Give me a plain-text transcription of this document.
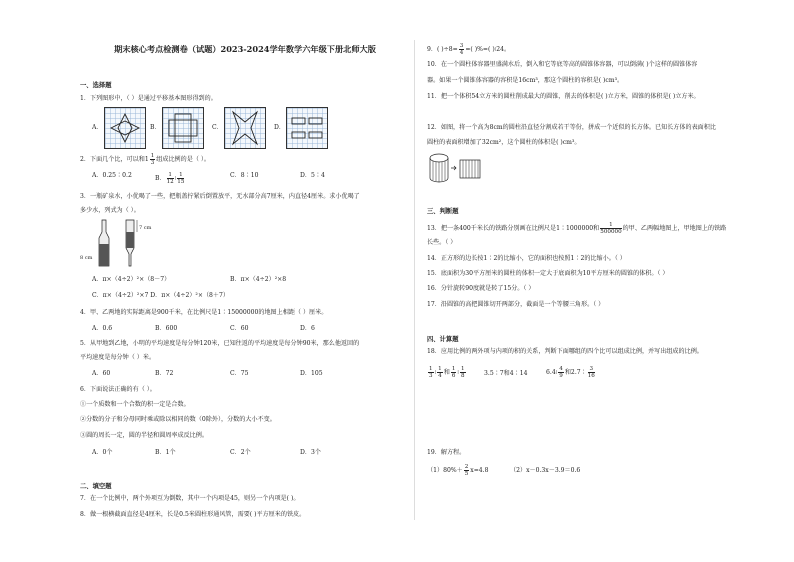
期末核心考点检测卷（试题）2023-2024学年数学六年级下册北师大版
一、选择题
1．下列图形中，（ ）是通过平移基本图形得到的。
A．	B．	C．	D．
2．下面几个比，可以和$1 \frac{1}{3}$ 组成比例的是（ ）。
A．0.25∶0.2	B． $\frac{1}{12}$ ∶ $\frac{1}{15}$	C．8∶10	D．5∶4
3．一瓶矿泉水，小优喝了一些，把瓶盖拧紧后倒置放平，无水部分高7厘米，内直径4厘米。求小优喝了
多少水，列式为（ ）。
7 cm
8 cm
A．π×（4÷2）²×（8－7）	B．π×（4÷2）²×8
C．π×（4÷2）²×7 D．π×（4÷2）²×（8＋7）
4．甲、乙两地的实际距离是900千米，在比例尺是1∶15000000的地图上相距（ ）厘米。
A．0.6	B．600	C．60	D．6
5．从甲地到乙地，小明的平均速度是每分钟120米，已知往返的平均速度是每分钟90米，那么他返回的
平均速度是每分钟（ ）米。
A．60	B．72	C．75	D．105
6．下面说法正确的有（ ）。
①一个质数和一个合数的积一定是合数。
②分数的分子和分母同时乘或除以相同的数（0除外），分数的大小不变。
③圆的周长一定，圆的半径和圆周率成反比例。
A．0个	B．1个	C．2个	D．3个
二、填空题
7．在一个比例中，两个外项互为倒数，其中一个内项是45，则另一个内项是( )。
8．做一根横截面直径是4厘米，长是0.5米圆柱形通风管，需要( )平方厘米的铁皮。
9．( )$\div 8= \frac{3}{4}$ =( )%=( )∶24。
10．在一个圆柱体容器里盛满水后，倒入和它等底等高的圆锥体容器，可以倒满( )个这样的圆锥体容
器。如果一个圆锥体容器的容积是16cm³，那这个圆柱的容积是( )cm³。
11．把一个体积54立方米的圆柱削成最大的圆锥，削去的体积是( )立方米，圆锥的体积是( )立方米。
12．如图，将一个高为8cm的圆柱沿直径分割成若干等份，拼成一个近似的长方体。已知长方体的表面积比
圆柱的表面积增加了32cm²，这个圆柱的体积是( )cm³。
三、判断题
13．把一条400千米长的铁路分别画在比例尺是1∶1000000和 $\frac{1}{500000}$ 的甲、乙两幅地图上，甲地图上的铁路
长些。（ ）
14．正方形的边长按1∶2的比缩小，它的面积也按照1∶2的比缩小。（ ）
15．底面积为30平方厘米的圆柱的体积一定大于底面积为10平方厘米的圆锥的体积。（ ）
16．分针旋转90度就是转了15分。（ ）
17．沿圆锥的高把圆锥切开两部分，截面是一个等腰三角形。（ ）
四、计算题
18．应用比例的两外项与内项的积的关系，判断下面哪组的四个比可以组成比例，并写出组成的比例。
$\frac{1}{3}$ ∶ $\frac{1}{4}$ 和 $\frac{1}{6}$ ∶ $\frac{1}{8}$	3.5∶7和4∶14	6.4∶ $\frac{4}{9}$ 和2.7∶ $\frac{3}{16}$
19．解方程。
$(1)80\%+ \frac{2}{5} x=4.8$	（2）x－0.3x－3.9＝0.6
